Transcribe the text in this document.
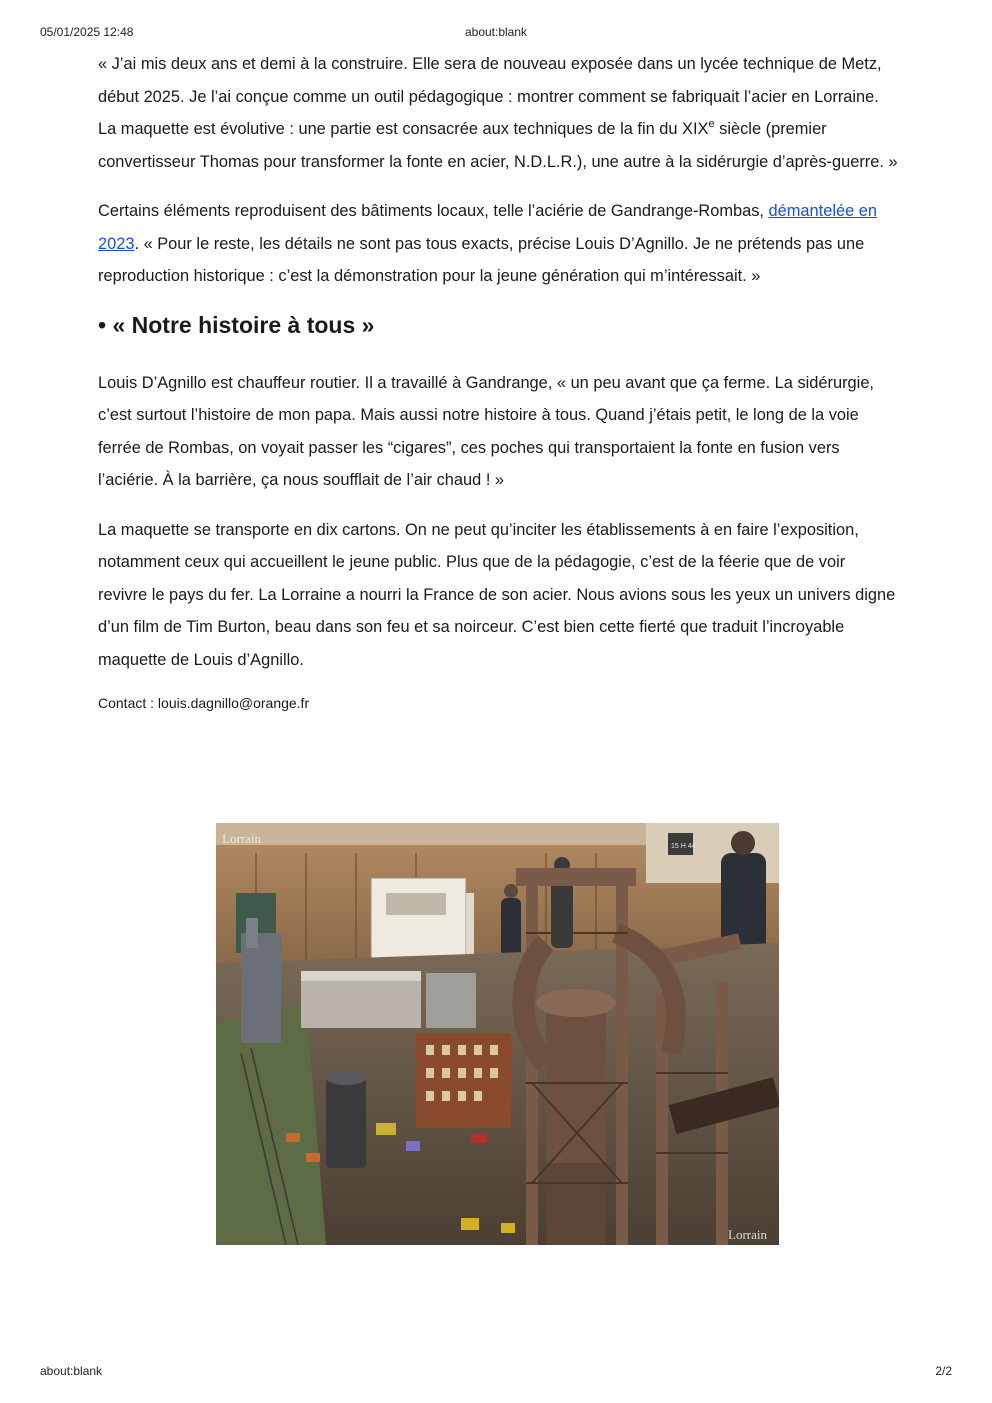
05/01/2025 12:48	about:blank

« J’ai mis deux ans et demi à la construire. Elle sera de nouveau exposée dans un lycée technique de Metz, début 2025. Je l’ai conçue comme un outil pédagogique : montrer comment se fabriquait l’acier en Lorraine. La maquette est évolutive : une partie est consacrée aux techniques de la fin du XIXe siècle (premier convertisseur Thomas pour transformer la fonte en acier, N.D.L.R.), une autre à la sidérurgie d’après-guerre. »

Certains éléments reproduisent des bâtiments locaux, telle l’aciérie de Gandrange-Rombas, démantelée en 2023. « Pour le reste, les détails ne sont pas tous exacts, précise Louis D’Agnillo. Je ne prétends pas une reproduction historique : c’est la démonstration pour la jeune génération qui m’intéressait. »

• « Notre histoire à tous »

Louis D’Agnillo est chauffeur routier. Il a travaillé à Gandrange, « un peu avant que ça ferme. La sidérurgie, c’est surtout l’histoire de mon papa. Mais aussi notre histoire à tous. Quand j’étais petit, le long de la voie ferrée de Rombas, on voyait passer les “cigares”, ces poches qui transportaient la fonte en fusion vers l’aciérie. À la barrière, ça nous soufflait de l’air chaud ! »

La maquette se transporte en dix cartons. On ne peut qu’inciter les établissements à en faire l’exposition, notamment ceux qui accueillent le jeune public. Plus que de la pédagogie, c’est de la féerie que de voir revivre le pays du fer. La Lorraine a nourri la France de son acier. Nous avions sous les yeux un univers digne d’un film de Tim Burton, beau dans son feu et sa noirceur. C’est bien cette fierté que traduit l’incroyable maquette de Louis d’Agnillo.

Contact : louis.dagnillo@orange.fr

15 H 44
Lorrain
Lorrain
about:blank	2/2
